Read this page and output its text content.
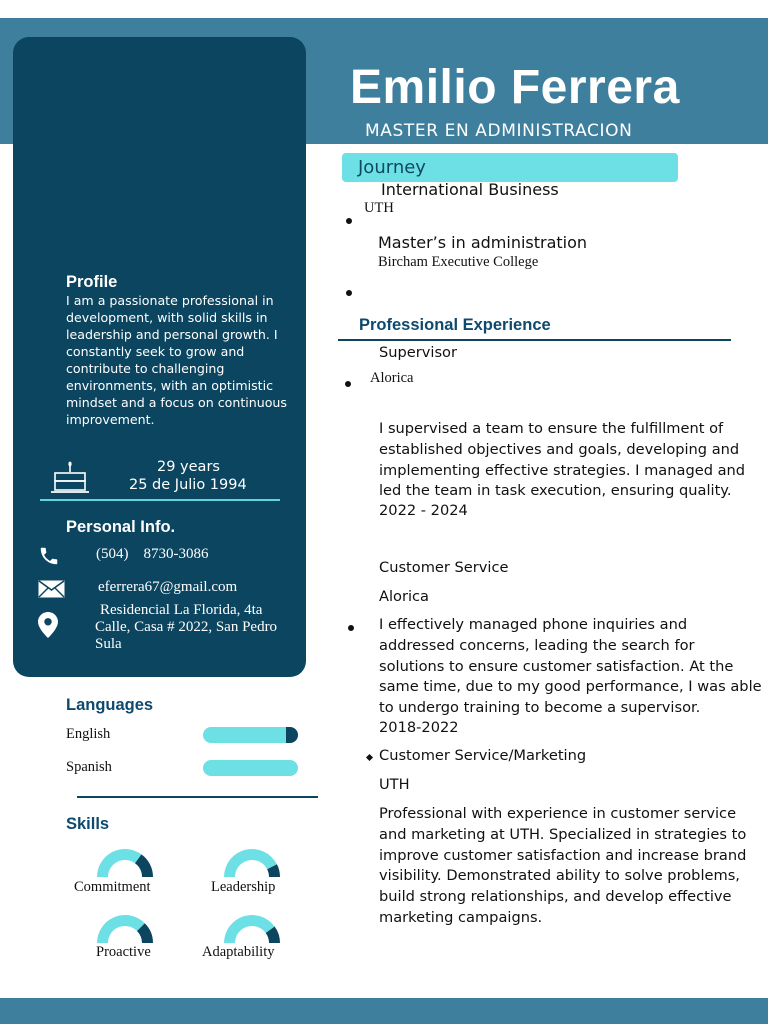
Emilio Ferrera
MASTER EN ADMINISTRACION
Journey
International Business
UTH
Master’s in administration
Bircham Executive College
Professional Experience
Supervisor
Alorica
I supervised a team to ensure the fulfillment of established objectives and goals, developing and implementing effective strategies. I managed and led the team in task execution, ensuring quality.
2022 - 2024
Customer Service
Alorica
I effectively managed phone inquiries and addressed concerns, leading the search for solutions to ensure customer satisfaction. At the same time, due to my good performance, I was able to undergo training to become a supervisor.
2018-2022
Customer Service/Marketing
UTH
Professional with experience in customer service and marketing at UTH. Specialized in strategies to improve customer satisfaction and increase brand visibility. Demonstrated ability to solve problems, build strong relationships, and develop effective marketing campaigns.
Profile
I am a passionate professional in development, with solid skills in leadership and personal growth. I constantly seek to grow and contribute to challenging environments, with an optimistic mindset and a focus on continuous improvement.
29 years
25 de Julio 1994
Personal Info.
(504)    8730-3086
eferrera67@gmail.com
Residencial La Florida, 4ta Calle, Casa # 2022, San Pedro Sula
Languages
English
Spanish
Skills
Commitment	Leadership
Proactive	Adaptability
